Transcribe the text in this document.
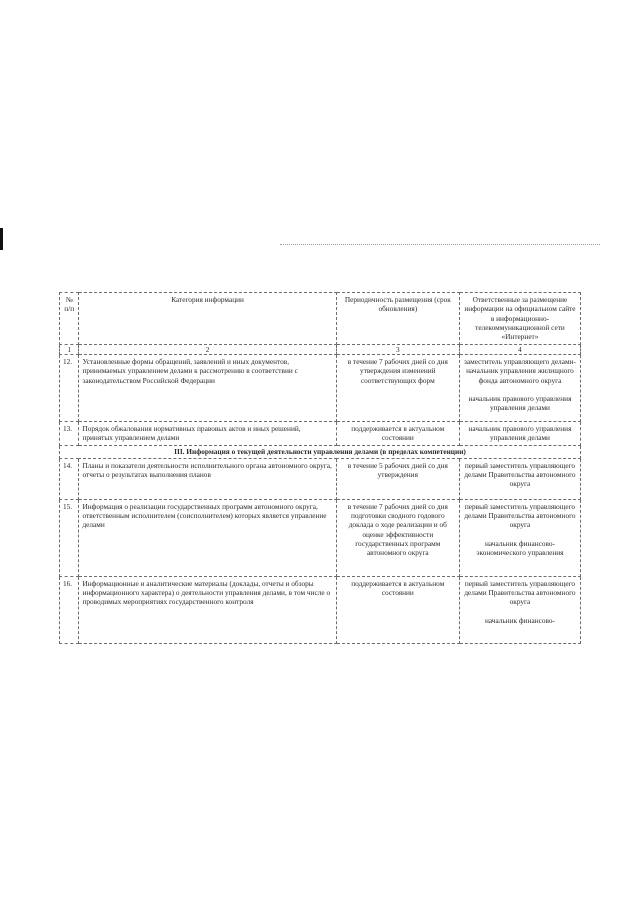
№ п/п	Категория информации	Периодичность размещения (срок обновления)	Ответственные за размещение информации на официальном сайте в информационно-телекоммуникационной сети «Интернет»
1	2	3	4
12.	Установленные формы обращений, заявлений и иных документов, принимаемых управлением делами к рассмотрению в соответствии с законодательством Российской Федерации	в течение 7 рабочих дней со дня утверждения изменений соответствующих форм	заместитель управляющего делами-начальник управления жилищного фонда автономного округа
начальник правового управления управления делами

13.	Порядок обжалования нормативных правовых актов и иных решений, принятых управлением делами	поддерживается в актуальном состоянии	начальник правового управления управления делами

III. Информация о текущей деятельности управления делами (в пределах компетенции)			
14.	Планы и показатели деятельности исполнительного органа автономного округа, отчеты о результатах выполнения планов	в течение 5 рабочих дней со дня утверждения	первый заместитель управляющего делами Правительства автономного округа

15.	Информация о реализации государственных программ автономного округа, ответственным исполнителем (соисполнителем) которых является управление делами	в течение 7 рабочих дней со дня подготовки сводного годового доклада о ходе реализации и об оценке эффективности государственных программ автономного округа	первый заместитель управляющего делами Правительства автономного округа
начальник финансово-экономического управления

16.	Информационные и аналитические материалы (доклады, отчеты и обзоры информационного характера) о деятельности управления делами, в том числе о проводимых мероприятиях государственного контроля	поддерживается в актуальном состоянии	первый заместитель управляющего делами Правительства автономного округа
начальник финансово-
